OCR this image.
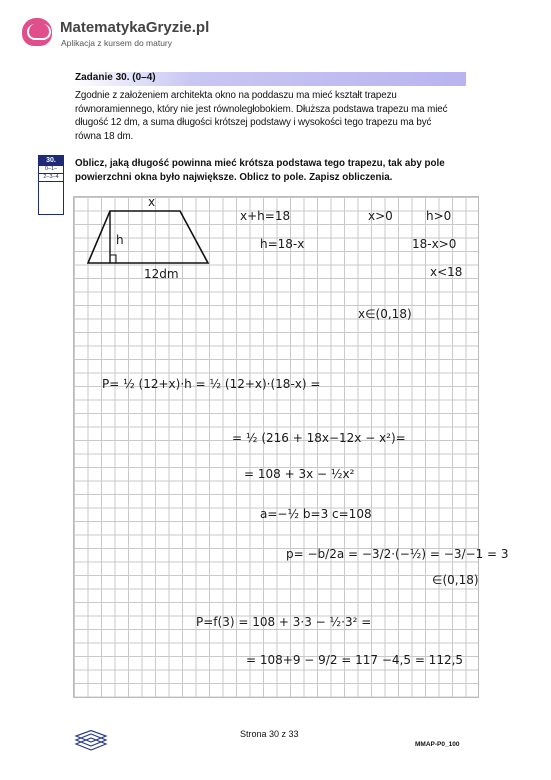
MatematykaGryzie.pl
Aplikacja z kursem do matury
Zadanie 30. (0–4)
Zgodnie z założeniem architekta okno na poddaszu ma mieć kształt trapezu
równoramiennego, który nie jest równoległobokiem. Dłuższa podstawa trapezu ma mieć
długość 12 dm, a suma długości krótszej podstawy i wysokości tego trapezu ma być
równa 18 dm.
30.
0–1–
2–3–4
Oblicz, jaką długość powinna mieć krótsza podstawa tego trapezu, tak aby pole
powierzchni okna było największe. Oblicz to pole. Zapisz obliczenia.
x
h
12dm
x+h=18
h=18-x
x>0	h>0
18-x>0
x<18
x∈(0,18)
P= ½ (12+x)·h = ½ (12+x)·(18-x) =
= ½ (216 + 18x−12x − x²)=
= 108 + 3x − ½x²
a=−½ b=3 c=108
p= −b/2a = −3/2·(−½) = −3/−1 = 3
∈(0,18)
P=f(3) = 108 + 3·3 − ½·3² =
= 108+9 − 9/2 = 117 −4,5 = 112,5
Strona 30 z 33
MMAP-P0_100
